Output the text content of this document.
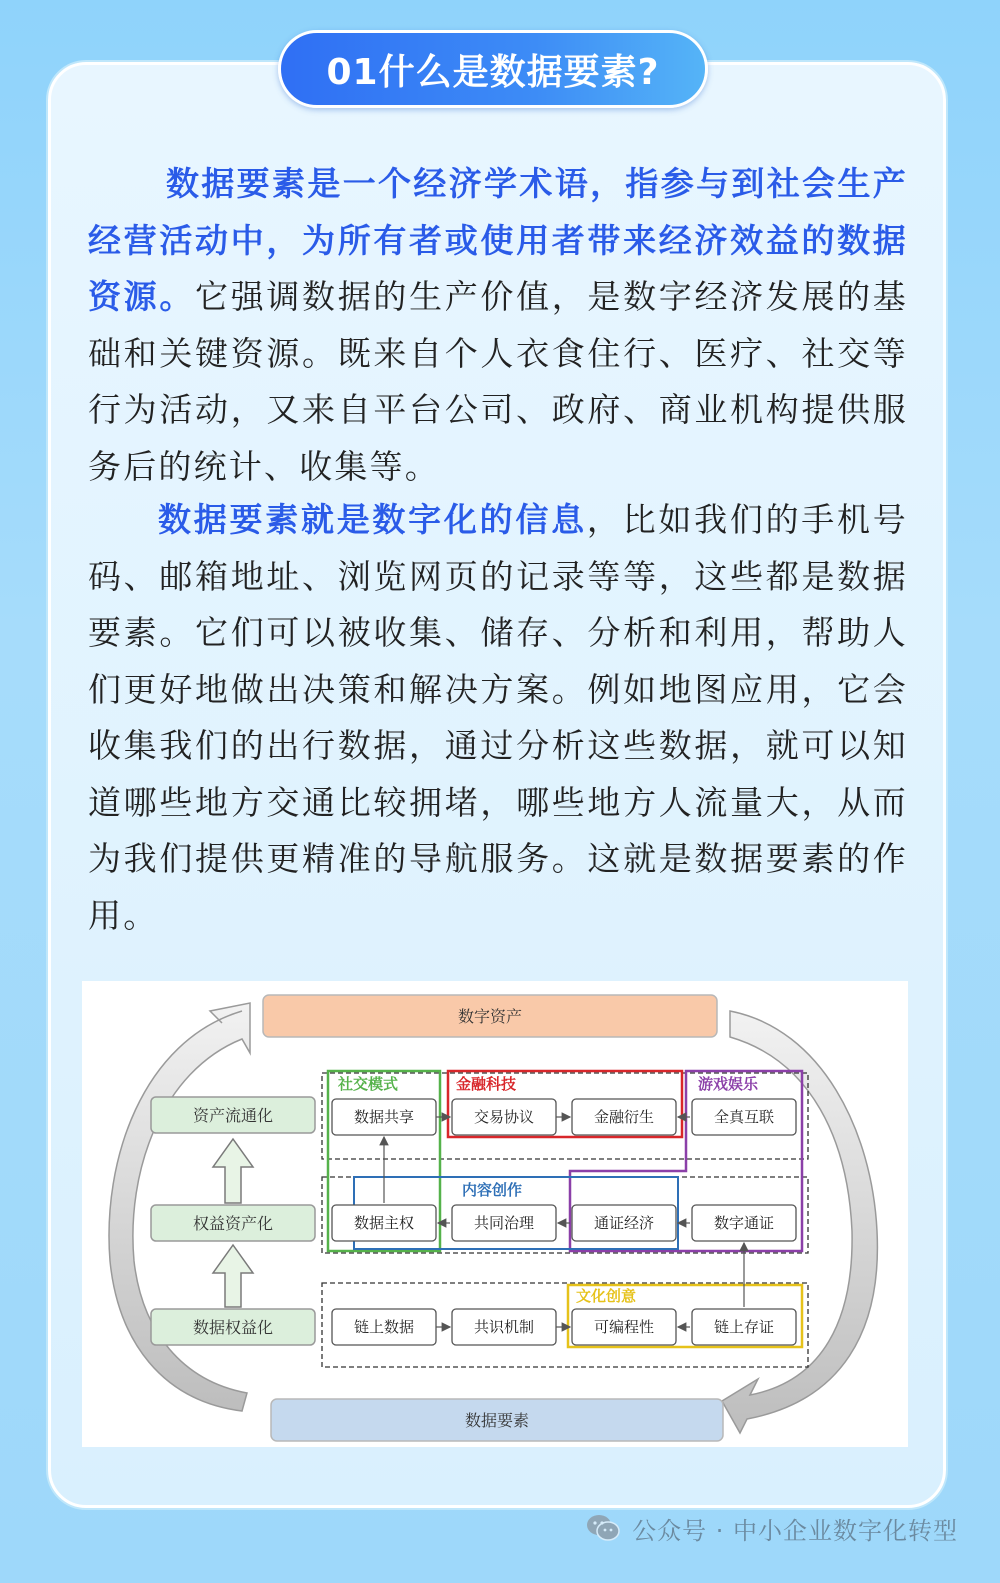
01什么是数据要素?
数据要素是一个经济学术语，指参与到社会生产经营活动中，为所有者或使用者带来经济效益的数据资源。它强调数据的生产价值，是数字经济发展的基础和关键资源。既来自个人衣食住行、医疗、社交等行为活动，又来自平台公司、政府、商业机构提供服务后的统计、收集等。
数据要素就是数字化的信息，比如我们的手机号码、邮箱地址、浏览网页的记录等等，这些都是数据要素。它们可以被收集、储存、分析和利用，帮助人们更好地做出决策和解决方案。例如地图应用，它会收集我们的出行数据，通过分析这些数据，就可以知道哪些地方交通比较拥堵，哪些地方人流量大，从而为我们提供更精准的导航服务。这就是数据要素的作用。
数字资产
数据要素
资产流通化
权益资产化
数据权益化
社交模式	金融科技	游戏娱乐
内容创作
文化创意
数据共享	交易协议	金融衍生	全真互联
数据主权	共同治理	通证经济	数字通证
链上数据	共识机制	可编程性	链上存证
公众号 · 中小企业数字化转型
